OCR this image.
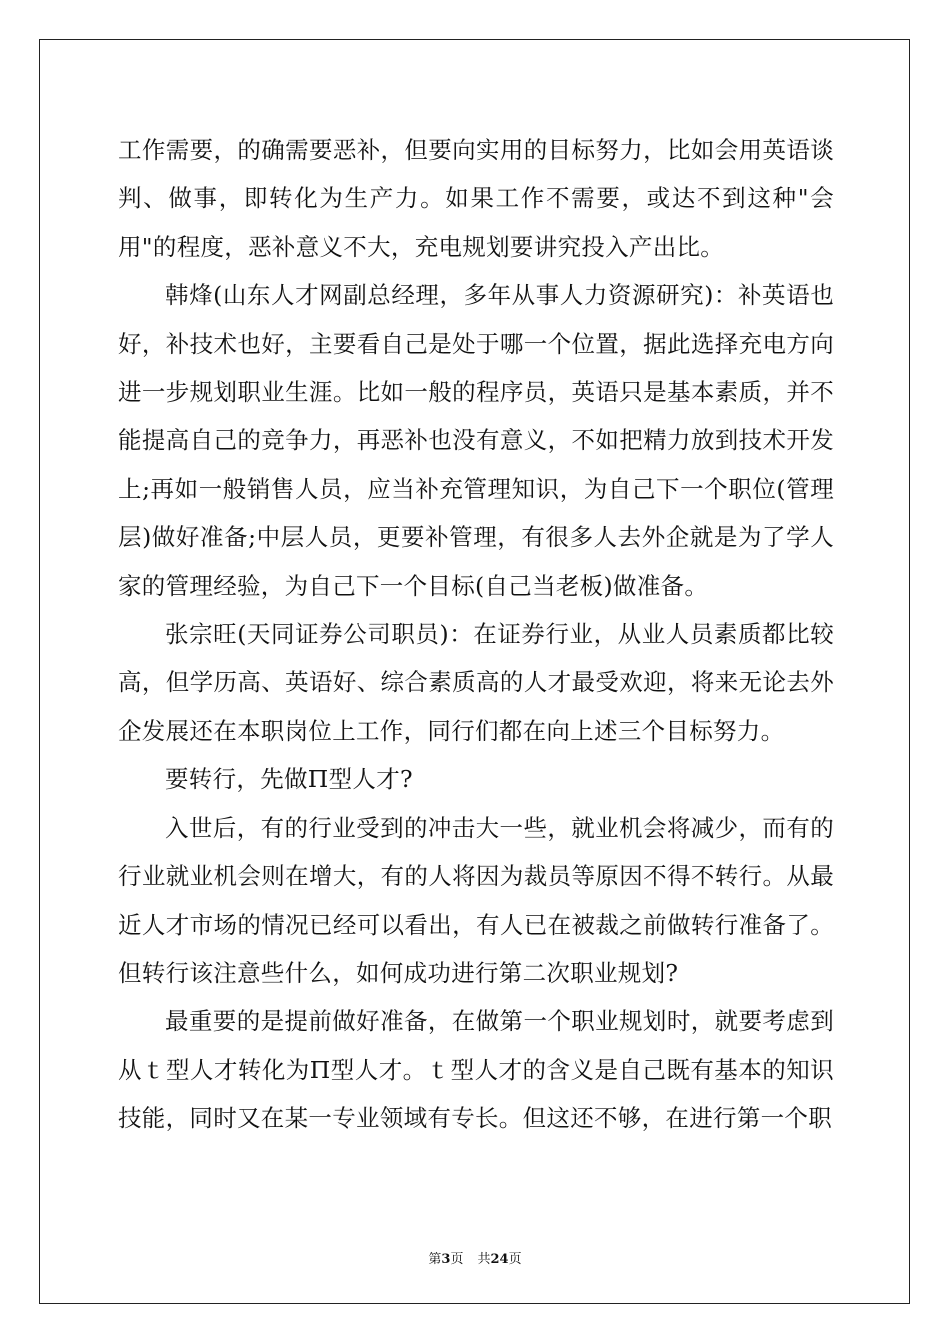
工作需要，的确需要恶补，但要向实用的目标努力，比如会用英语谈判、做事，即转化为生产力。如果工作不需要，或达不到这种"会用"的程度，恶补意义不大，充电规划要讲究投入产出比。

韩烽(山东人才网副总经理，多年从事人力资源研究)：补英语也好，补技术也好，主要看自己是处于哪一个位置，据此选择充电方向进一步规划职业生涯。比如一般的程序员，英语只是基本素质，并不能提高自己的竞争力，再恶补也没有意义，不如把精力放到技术开发上;再如一般销售人员，应当补充管理知识，为自己下一个职位(管理层)做好准备;中层人员，更要补管理，有很多人去外企就是为了学人家的管理经验，为自己下一个目标(自己当老板)做准备。

张宗旺(天同证券公司职员)：在证券行业，从业人员素质都比较高，但学历高、英语好、综合素质高的人才最受欢迎，将来无论去外企发展还在本职岗位上工作，同行们都在向上述三个目标努力。

要转行，先做Π型人才?

入世后，有的行业受到的冲击大一些，就业机会将减少，而有的行业就业机会则在增大，有的人将因为裁员等原因不得不转行。从最近人才市场的情况已经可以看出，有人已在被裁之前做转行准备了。但转行该注意些什么，如何成功进行第二次职业规划?

最重要的是提前做好准备，在做第一个职业规划时，就要考虑到从ｔ型人才转化为Π型人才。ｔ型人才的含义是自己既有基本的知识技能，同时又在某一专业领域有专长。但这还不够，在进行第一个职

第3页 共24页
